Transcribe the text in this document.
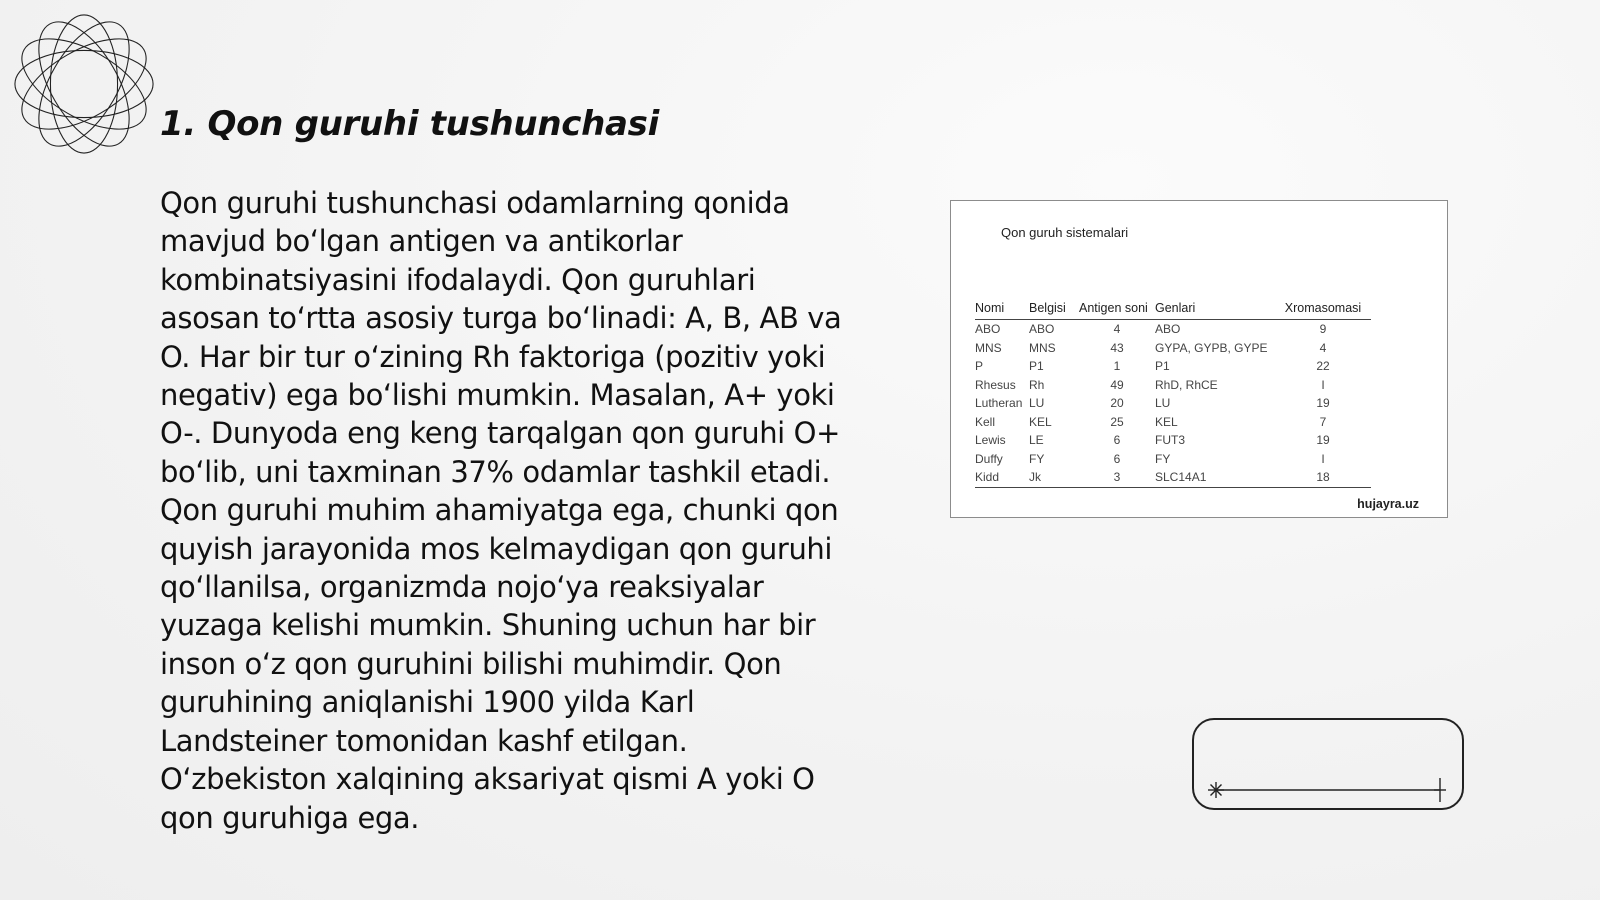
1. Qon guruhi tushunchasi

Qon guruhi tushunchasi odamlarning qonida mavjud boʻlgan antigen va antikorlar kombinatsiyasini ifodalaydi. Qon guruhlari asosan toʻrtta asosiy turga boʻlinadi: A, B, AB va O. Har bir tur oʻzining Rh faktoriga (pozitiv yoki negativ) ega boʻlishi mumkin. Masalan, A+ yoki O-. Dunyoda eng keng tarqalgan qon guruhi O+ boʻlib, uni taxminan 37% odamlar tashkil etadi. Qon guruhi muhim ahamiyatga ega, chunki qon quyish jarayonida mos kelmaydigan qon guruhi qoʻllanilsa, organizmda nojoʻya reaksiyalar yuzaga kelishi mumkin. Shuning uchun har bir inson oʻz qon guruhini bilishi muhimdir. Qon guruhining aniqlanishi 1900 yilda Karl Landsteiner tomonidan kashf etilgan. Oʻzbekiston xalqining aksariyat qismi A yoki O qon guruhiga ega.

Qon guruh sistemalari
Nomi	Belgisi	Antigen soni	Genlari	Xromasomasi
ABO	ABO	4	ABO	9
MNS	MNS	43	GYPA, GYPB, GYPE	4
P	P1	1	P1	22
Rhesus	Rh	49	RhD, RhCE	I
Lutheran	LU	20	LU	19
Kell	KEL	25	KEL	7
Lewis	LE	6	FUT3	19
Duffy	FY	6	FY	I
Kidd	Jk	3	SLC14A1	18
hujayra.uz
